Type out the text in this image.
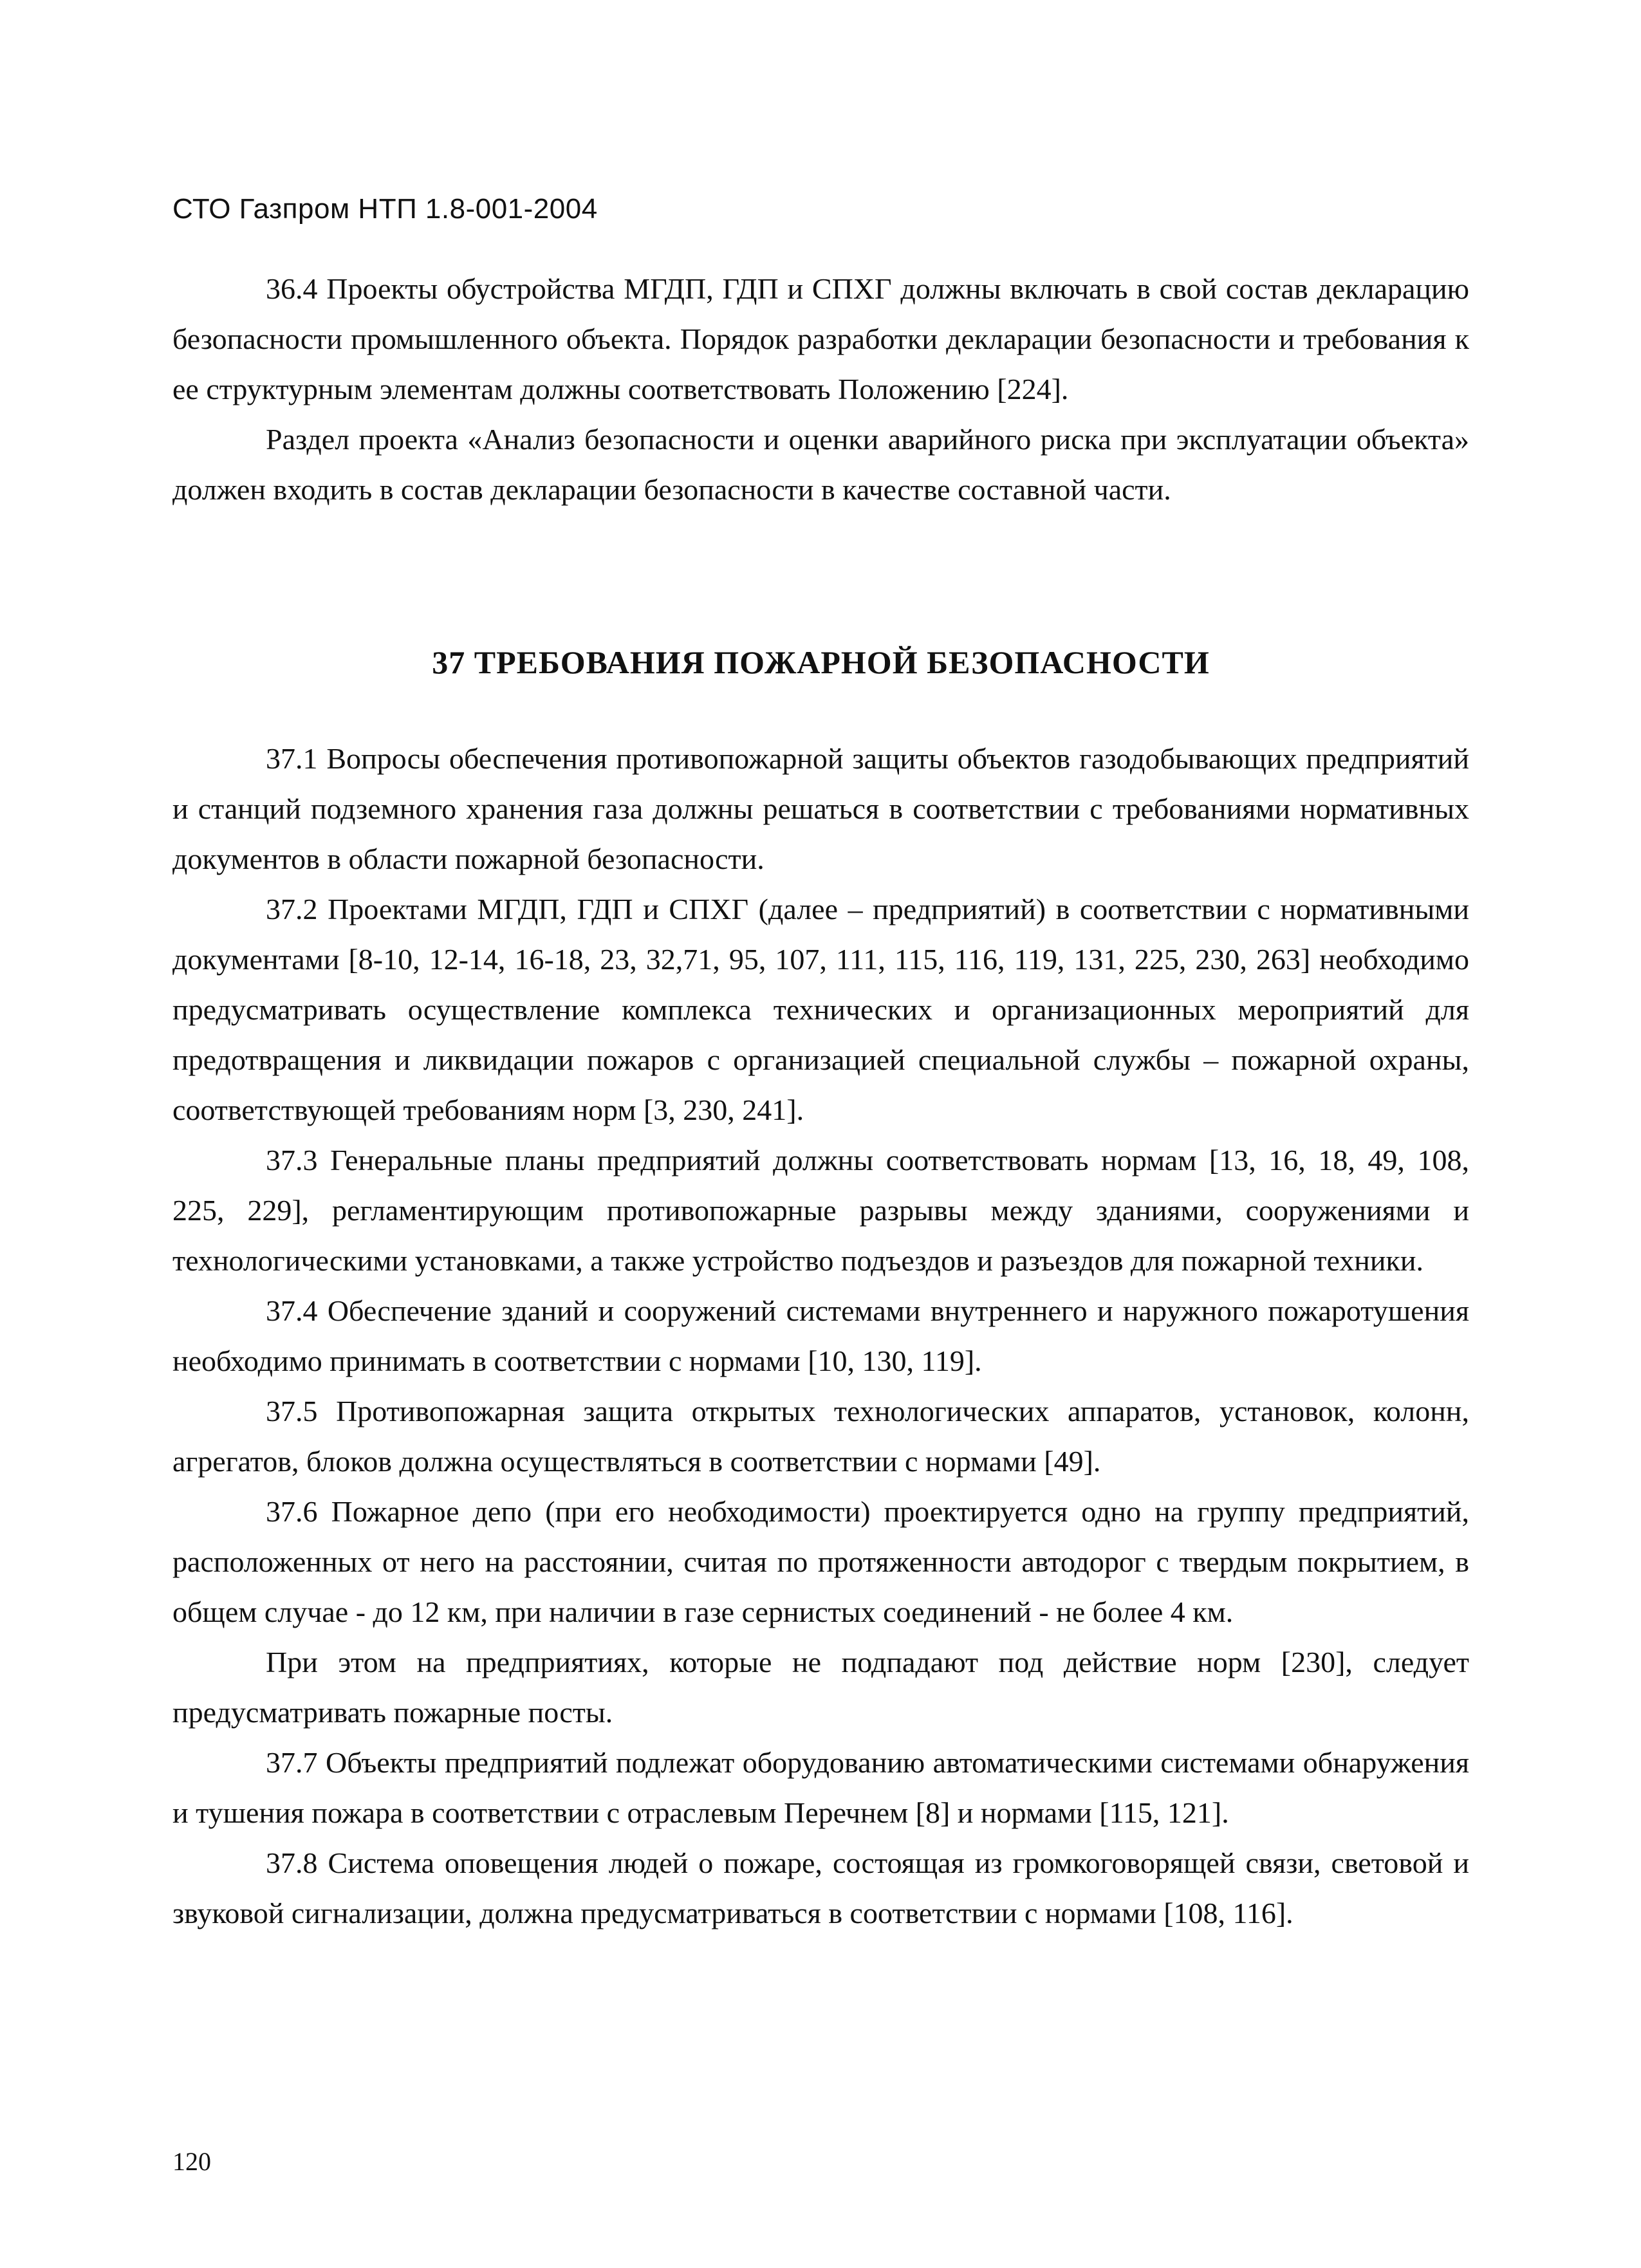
СТО Газпром НТП 1.8-001-2004

36.4 Проекты обустройства МГДП, ГДП и СПХГ должны включать в свой состав декларацию безопасности промышленного объекта. Порядок разработки декларации безопасности и требования к ее структурным элементам должны соответствовать Положению [224].

Раздел проекта «Анализ безопасности и оценки аварийного риска при эксплуатации объекта» должен входить в состав декларации безопасности в качестве составной части.

37 ТРЕБОВАНИЯ ПОЖАРНОЙ БЕЗОПАСНОСТИ

37.1 Вопросы обеспечения противопожарной защиты объектов газодобывающих предприятий и станций подземного хранения газа должны решаться в соответствии с требованиями нормативных документов в области пожарной безопасности.

37.2 Проектами МГДП, ГДП и СПХГ (далее – предприятий) в соответствии с нормативными документами [8-10, 12-14, 16-18, 23, 32,71, 95, 107, 111, 115, 116, 119, 131, 225, 230, 263] необходимо предусматривать осуществление комплекса технических и организационных мероприятий для предотвращения и ликвидации пожаров с организацией специальной службы – пожарной охраны, соответствующей требованиям норм [3, 230, 241].

37.3 Генеральные планы предприятий должны соответствовать нормам [13, 16, 18, 49, 108, 225, 229], регламентирующим противопожарные разрывы между зданиями, сооружениями и технологическими установками, а также устройство подъездов и разъездов для пожарной техники.

37.4 Обеспечение зданий и сооружений системами внутреннего и наружного пожаротушения необходимо принимать в соответствии с нормами [10, 130, 119].

37.5 Противопожарная защита открытых технологических аппаратов, установок, колонн, агрегатов, блоков должна осуществляться в соответствии с нормами [49].

37.6 Пожарное депо (при его необходимости) проектируется одно на группу предприятий, расположенных от него на расстоянии, считая по протяженности автодорог с твердым покрытием, в общем случае - до 12 км, при наличии в газе сернистых соединений - не более 4 км.

При этом на предприятиях, которые не подпадают под действие норм [230], следует предусматривать пожарные посты.

37.7 Объекты предприятий подлежат оборудованию автоматическими системами обнаружения и тушения пожара в соответствии с отраслевым Перечнем [8] и нормами [115, 121].

37.8 Система оповещения людей о пожаре, состоящая из громкоговорящей связи, световой и звуковой сигнализации, должна предусматриваться в соответствии с нормами [108, 116].

120
